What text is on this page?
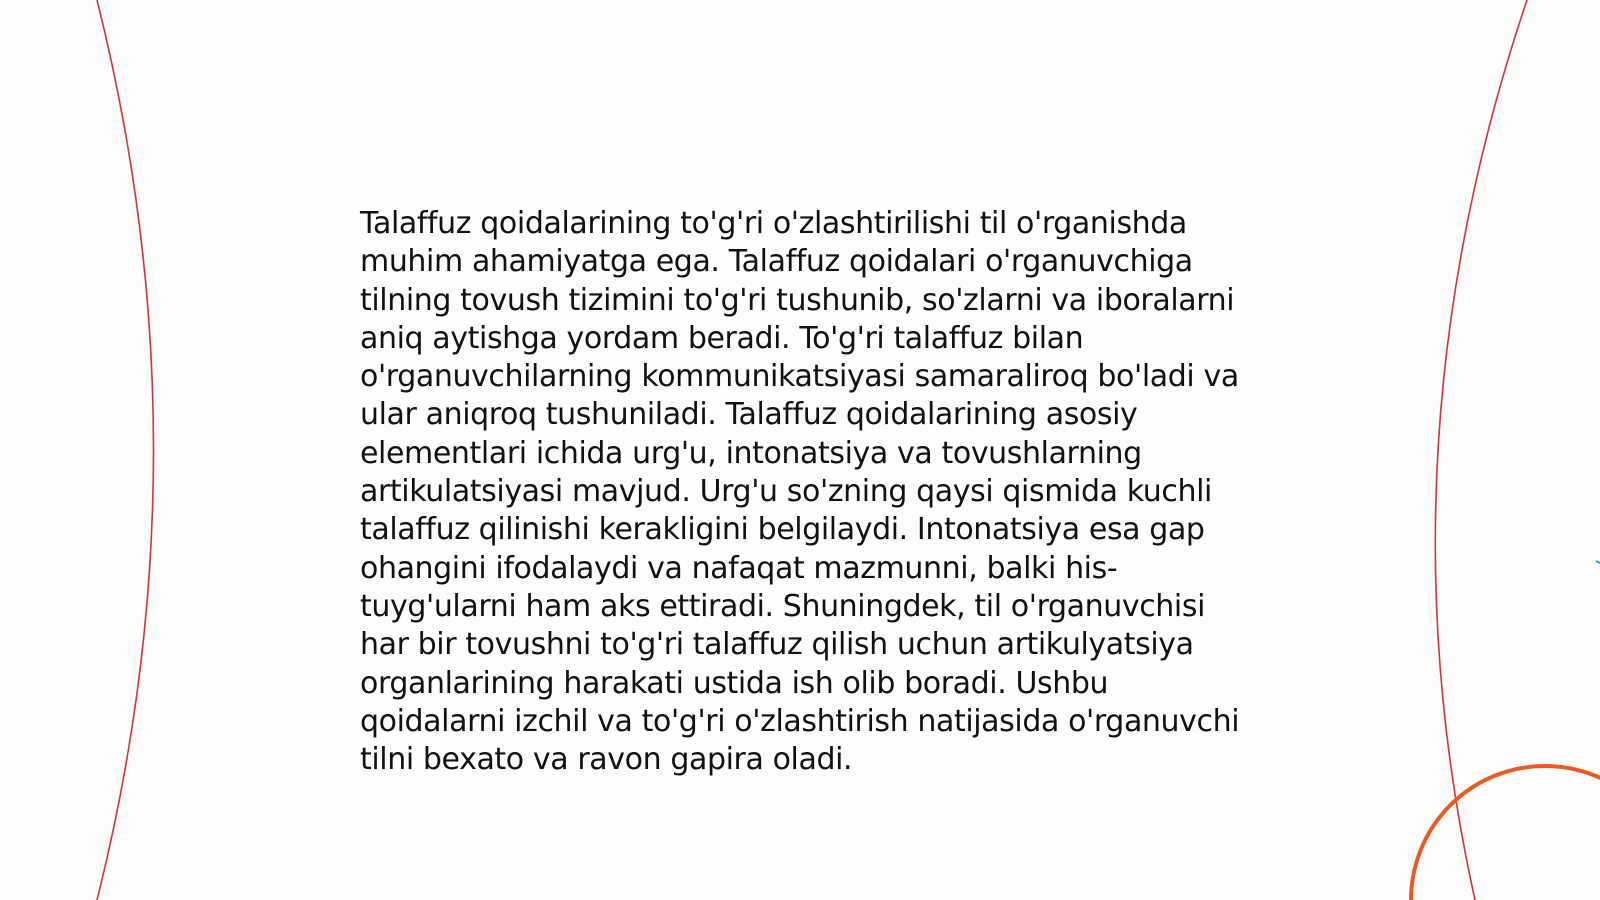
Talaffuz qoidalarining to'g'ri o'zlashtirilishi til o'rganishda muhim ahamiyatga ega. Talaffuz qoidalari o'rganuvchiga tilning tovush tizimini to'g'ri tushunib, so'zlarni va iboralarni aniq aytishga yordam beradi. To'g'ri talaffuz bilan o'rganuvchilarning kommunikatsiyasi samaraliroq bo'ladi va ular aniqroq tushuniladi. Talaffuz qoidalarining asosiy elementlari ichida urg'u, intonatsiya va tovushlarning artikulatsiyasi mavjud. Urg'u so'zning qaysi qismida kuchli talaffuz qilinishi kerakligini belgilaydi. Intonatsiya esa gap ohangini ifodalaydi va nafaqat mazmunni, balki his-tuyg'ularni ham aks ettiradi. Shuningdek, til o'rganuvchisi har bir tovushni to'g'ri talaffuz qilish uchun artikulyatsiya organlarining harakati ustida ish olib boradi. Ushbu qoidalarni izchil va to'g'ri o'zlashtirish natijasida o'rganuvchi tilni bexato va ravon gapira oladi.
